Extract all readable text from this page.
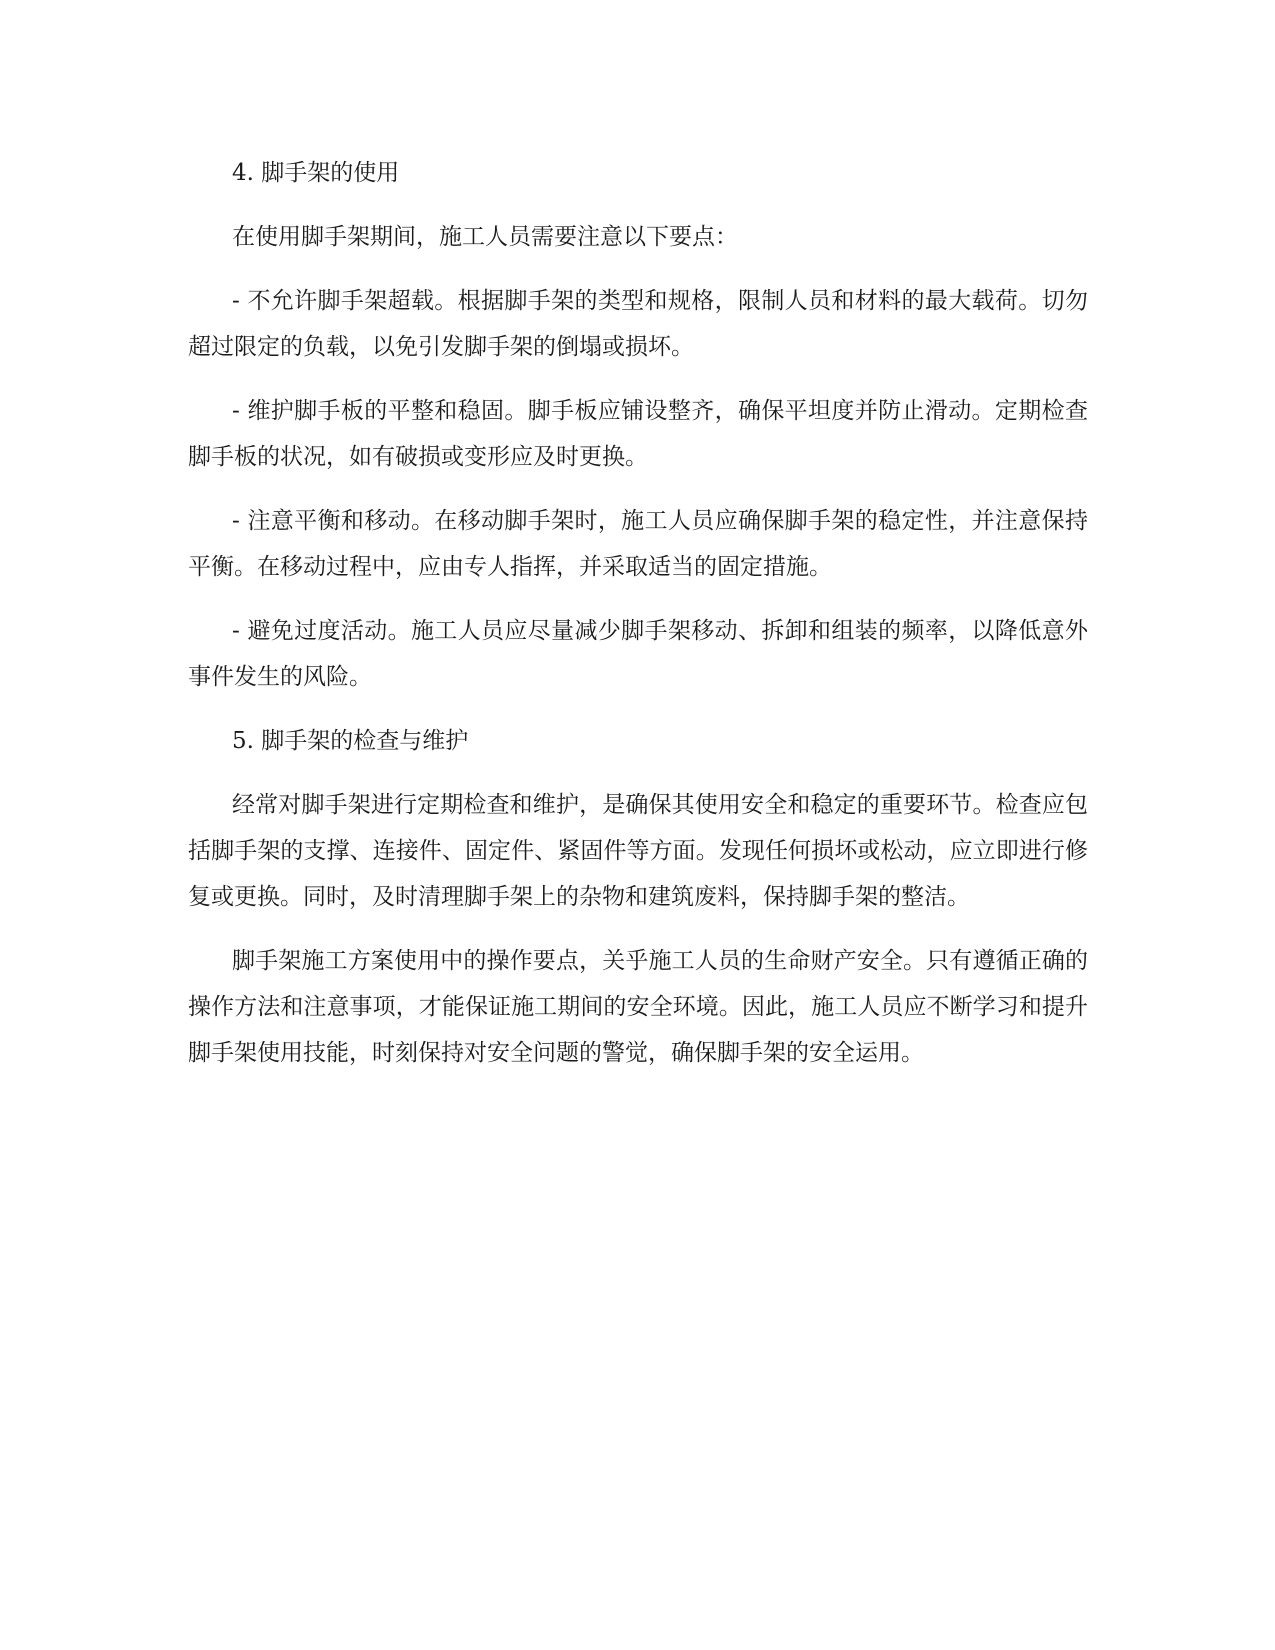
4. 脚手架的使用

在使用脚手架期间，施工人员需要注意以下要点：

- 不允许脚手架超载。根据脚手架的类型和规格，限制人员和材料的最大载荷。切勿超过限定的负载，以免引发脚手架的倒塌或损坏。

- 维护脚手板的平整和稳固。脚手板应铺设整齐，确保平坦度并防止滑动。定期检查脚手板的状况，如有破损或变形应及时更换。

- 注意平衡和移动。在移动脚手架时，施工人员应确保脚手架的稳定性，并注意保持平衡。在移动过程中，应由专人指挥，并采取适当的固定措施。

- 避免过度活动。施工人员应尽量减少脚手架移动、拆卸和组装的频率，以降低意外事件发生的风险。

5. 脚手架的检查与维护

经常对脚手架进行定期检查和维护，是确保其使用安全和稳定的重要环节。检查应包括脚手架的支撑、连接件、固定件、紧固件等方面。发现任何损坏或松动，应立即进行修复或更换。同时，及时清理脚手架上的杂物和建筑废料，保持脚手架的整洁。

脚手架施工方案使用中的操作要点，关乎施工人员的生命财产安全。只有遵循正确的操作方法和注意事项，才能保证施工期间的安全环境。因此，施工人员应不断学习和提升脚手架使用技能，时刻保持对安全问题的警觉，确保脚手架的安全运用。
